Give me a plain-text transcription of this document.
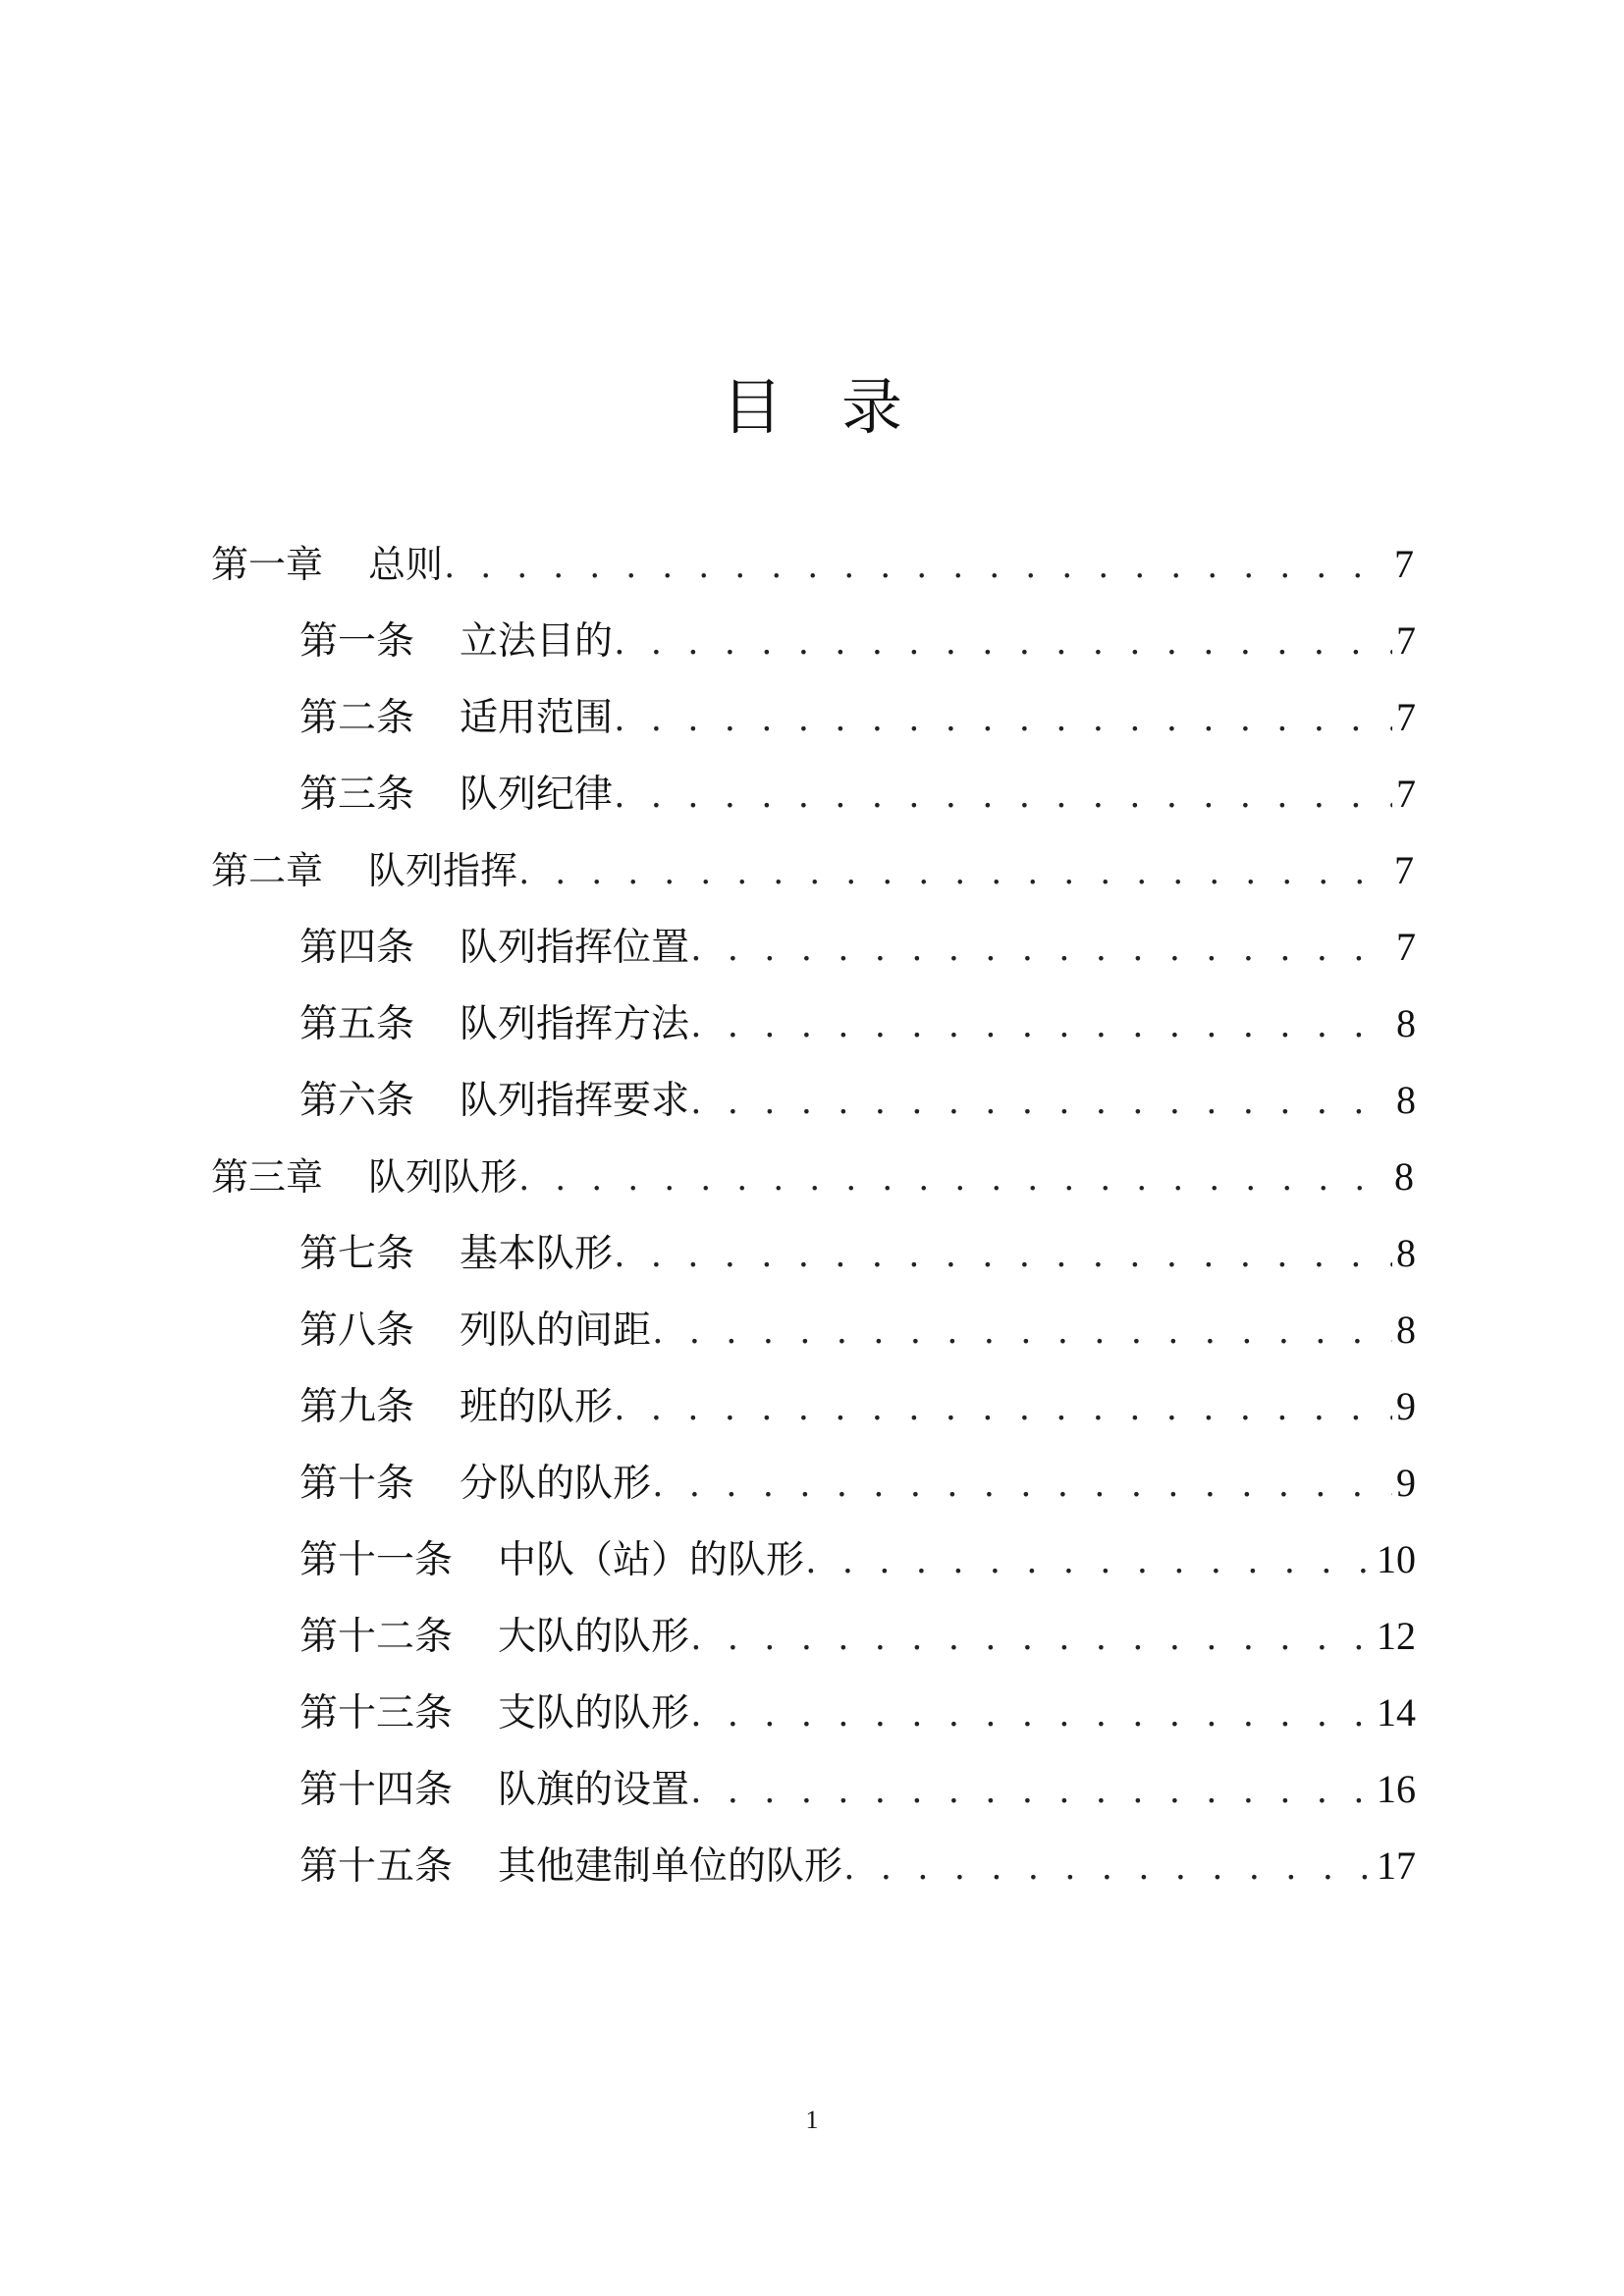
目录
第一章 总则 . . .	7
第一条 立法目的 . . .	7
第二条 适用范围 . . .	7
第三条 队列纪律 . . .	7
第二章 队列指挥 . . .	7
第四条 队列指挥位置 . . .	7
第五条 队列指挥方法 . . .	8
第六条 队列指挥要求 . . .	8
第三章 队列队形 . . .	8
第七条 基本队形 . . .	8
第八条 列队的间距 . . .	8
第九条 班的队形 . . .	9
第十条 分队的队形 . . .	9
第十一条 中队（站）的队形 . . .	10
第十二条 大队的队形 . . .	12
第十三条 支队的队形 . . .	14
第十四条 队旗的设置 . . .	16
第十五条 其他建制单位的队形 . . .	17
1
